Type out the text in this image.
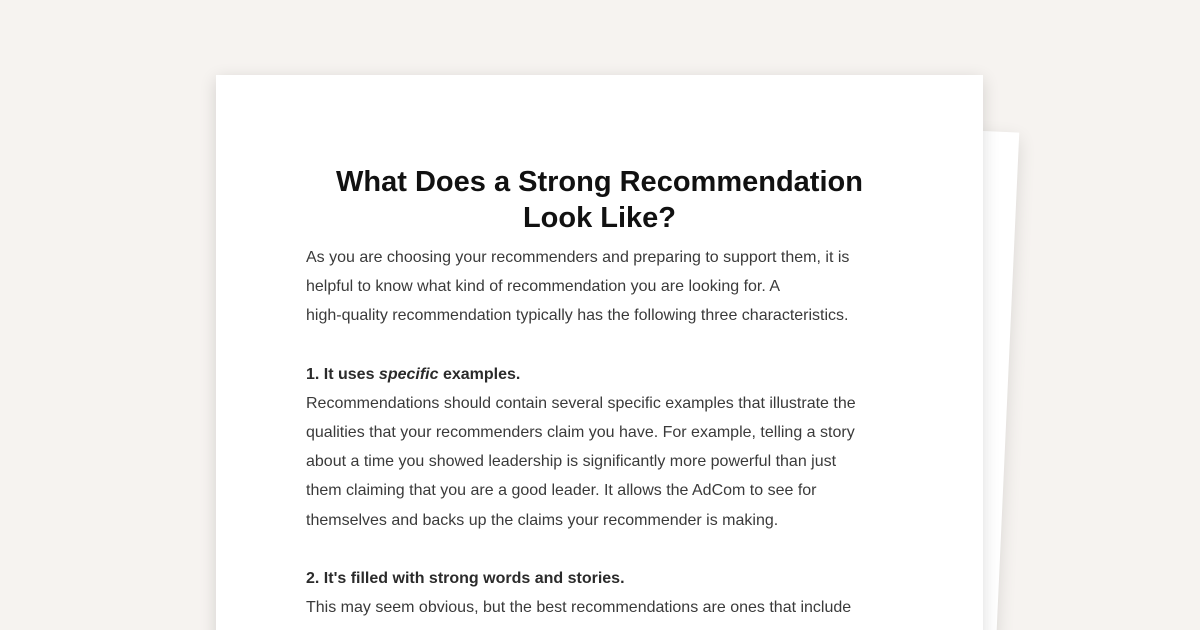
What Does a Strong Recommendation
Look Like?

As you are choosing your recommenders and preparing to support them, it is
helpful to know what kind of recommendation you are looking for. A
high-quality recommendation typically has the following three characteristics.

1. It uses specific examples.

Recommendations should contain several specific examples that illustrate the
qualities that your recommenders claim you have. For example, telling a story
about a time you showed leadership is significantly more powerful than just
them claiming that you are a good leader. It allows the AdCom to see for
themselves and backs up the claims your recommender is making.

2. It's filled with strong words and stories.

This may seem obvious, but the best recommendations are ones that include
